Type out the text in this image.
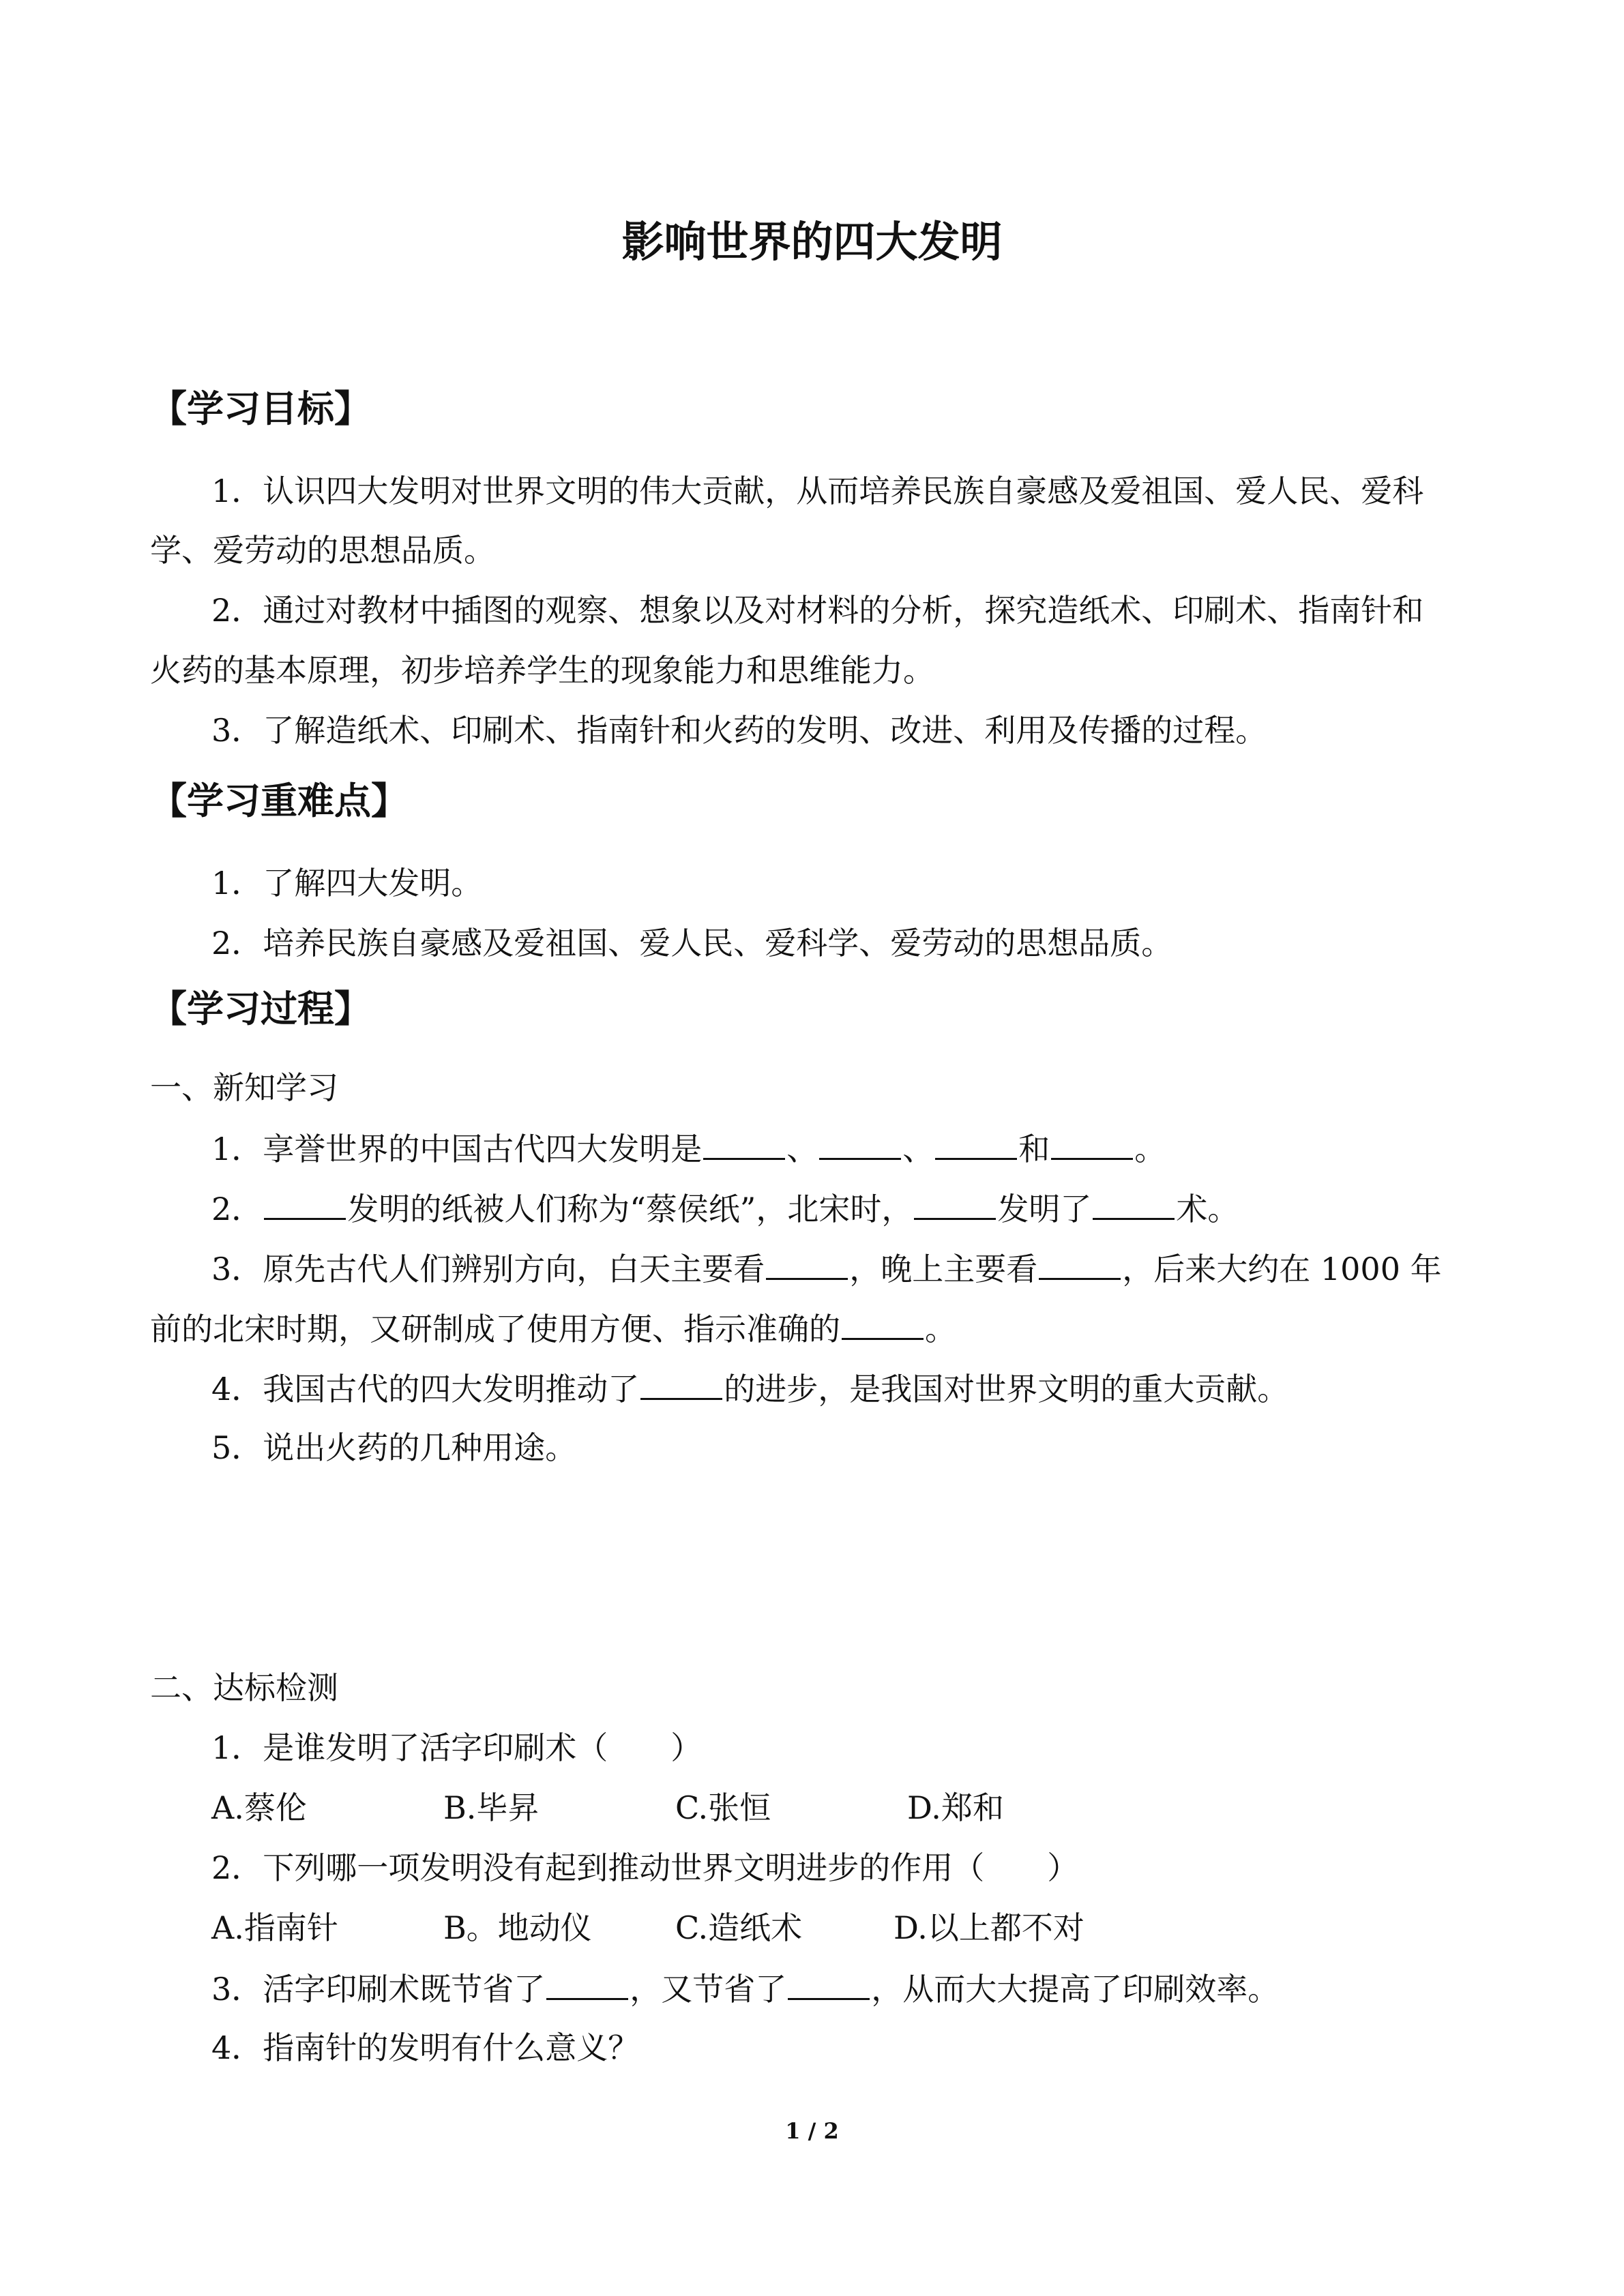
影响世界的四大发明
【学习目标】
1．认识四大发明对世界文明的伟大贡献，从而培养民族自豪感及爱祖国、爱人民、爱科
学、爱劳动的思想品质。
2．通过对教材中插图的观察、想象以及对材料的分析，探究造纸术、印刷术、指南针和
火药的基本原理，初步培养学生的现象能力和思维能力。
3．了解造纸术、印刷术、指南针和火药的发明、改进、利用及传播的过程。
【学习重难点】
1．了解四大发明。
2．培养民族自豪感及爱祖国、爱人民、爱科学、爱劳动的思想品质。
【学习过程】
一、新知学习
1．享誉世界的中国古代四大发明是	、	、	和	。
2．	发明的纸被人们称为“蔡侯纸”，北宋时，	发明了	术。
3．原先古代人们辨别方向，白天主要看	，晚上主要看	，后来大约在 1000 年
前的北宋时期，又研制成了使用方便、指示准确的	。
4．我国古代的四大发明推动了	的进步，是我国对世界文明的重大贡献。
5．说出火药的几种用途。
二、达标检测
1．是谁发明了活字印刷术（　　）
A.蔡伦	B.毕昇	C.张恒	D.郑和
2．下列哪一项发明没有起到推动世界文明进步的作用（　　）
A.指南针	B。地动仪	C.造纸术	D.以上都不对
3．活字印刷术既节省了	，又节省了	，从而大大提高了印刷效率。
4．指南针的发明有什么意义？
1 / 2
